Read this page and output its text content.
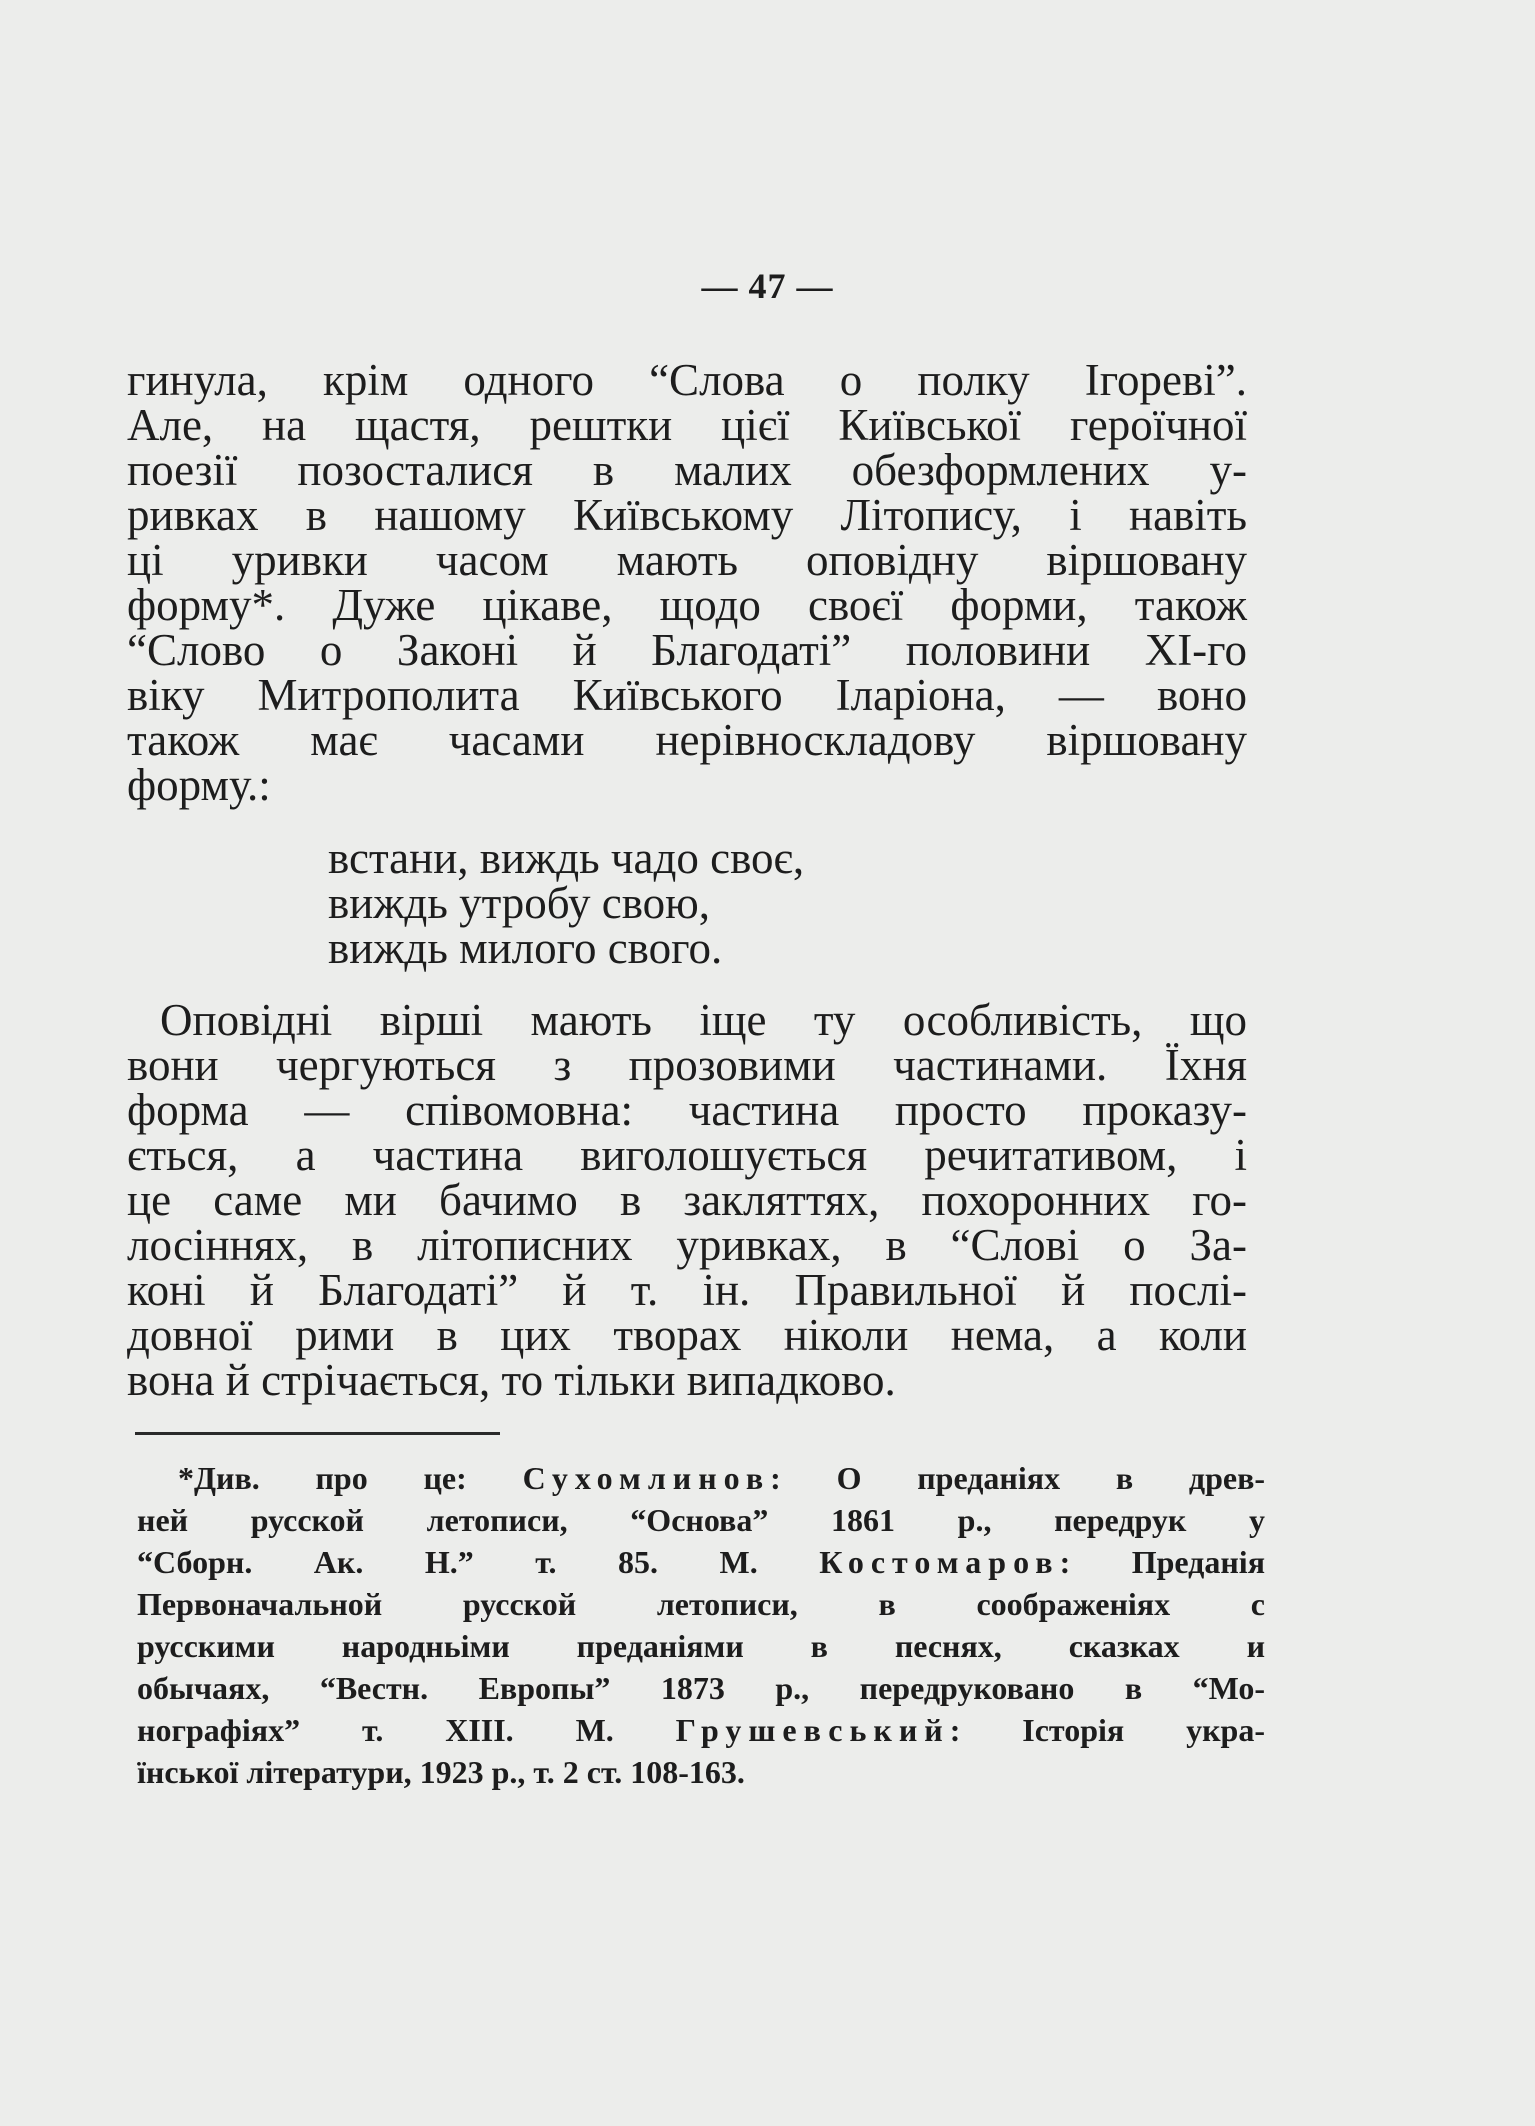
— 47 —
гинула, крім одного “Слова о полку Ігореві”.
Але, на щастя, рештки цієї Київської героїчної
поезії позосталися в малих обезформлених у-
ривках в нашому Київському Літопису, і навіть
ці уривки часом мають оповідну віршовану
форму*. Дуже цікаве, щодо своєї форми, також
“Слово о Законі й Благодаті” половини XI-го
віку Митрополита Київського Іларіона, — воно
також має часами нерівноскладову віршовану
форму.:
встани, виждь чадо своє,
виждь утробу свою,
виждь милого свого.
Оповідні вірші мають іще ту особливість, що
вони чергуються з прозовими частинами. Їхня
форма — співомовна: частина просто проказу-
ється, а частина виголошується речитативом, і
це саме ми бачимо в закляттях, похоронних го-
лосіннях, в літописних уривках, в “Слові о За-
коні й Благодаті” й т. ін. Правильної й послі-
довної рими в цих творах ніколи нема, а коли
вона й стрічається, то тільки випадково.
*Див. про це: Сухомлинов: О преданіях в древ-
ней русской летописи, “Основа” 1861 р., передрук у
“Сборн. Ак. Н.” т. 85. М. Костомаров: Преданія
Первоначальной русской летописи, в соображеніях с
русскими народньіми преданіями в песнях, сказках и
обычаях, “Вестн. Европы” 1873 р., передруковано в “Мо-
нографіях” т. XIII. М. Грушевський: Історія укра-
їнської літератури, 1923 р., т. 2 ст. 108-163.
